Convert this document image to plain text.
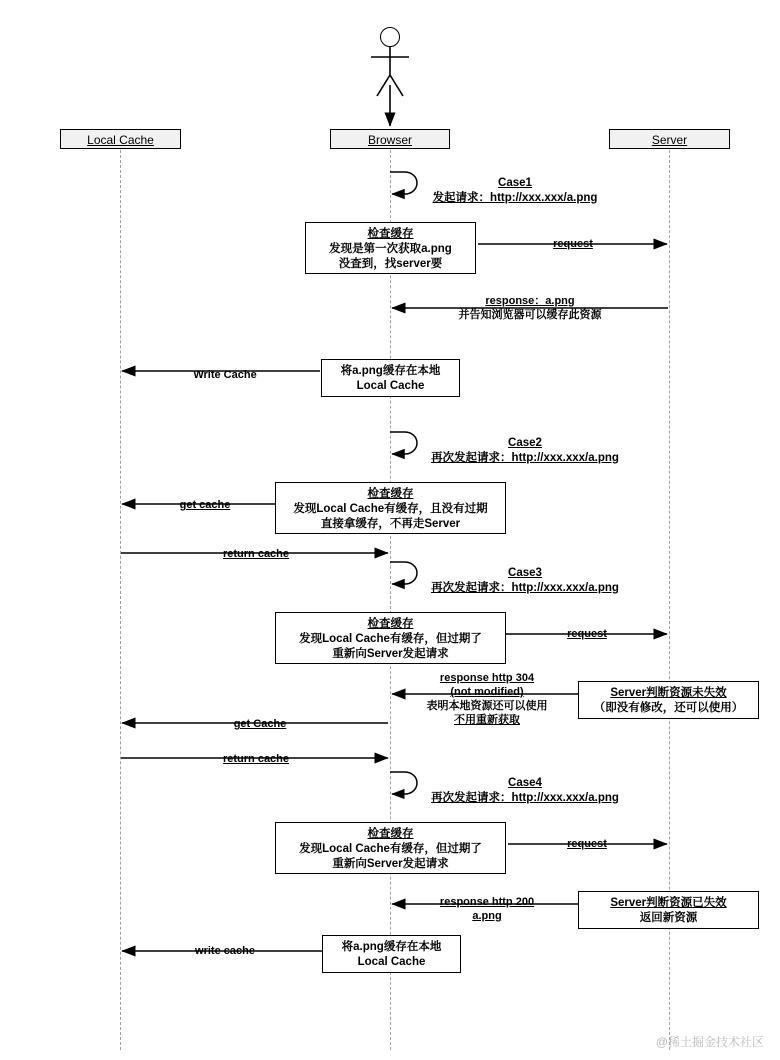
Local Cache	Browser	Server
Case1
发起请求：http://xxx.xxx/a.png
Case2
再次发起请求：http://xxx.xxx/a.png
Case3
再次发起请求：http://xxx.xxx/a.png
Case4
再次发起请求：http://xxx.xxx/a.png
检查缓存
发现是第一次获取a.png
没查到，找server要
将a.png缓存在本地
Local Cache
检查缓存
发现Local Cache有缓存，且没有过期
直接拿缓存，不再走Server
检查缓存
发现Local Cache有缓存，但过期了
重新向Server发起请求
Server判断资源未失效
（即没有修改，还可以使用）
检查缓存
发现Local Cache有缓存，但过期了
重新向Server发起请求
Server判断资源已失效
返回新资源
将a.png缓存在本地
Local Cache
request
response：a.png
并告知浏览器可以缓存此资源
Write Cache
get cache
return cache
request
response http 304
(not modified)
表明本地资源还可以使用
不用重新获取
get Cache
return cache
request
response http 200
a.png
write cache
@稀土掘金技术社区
